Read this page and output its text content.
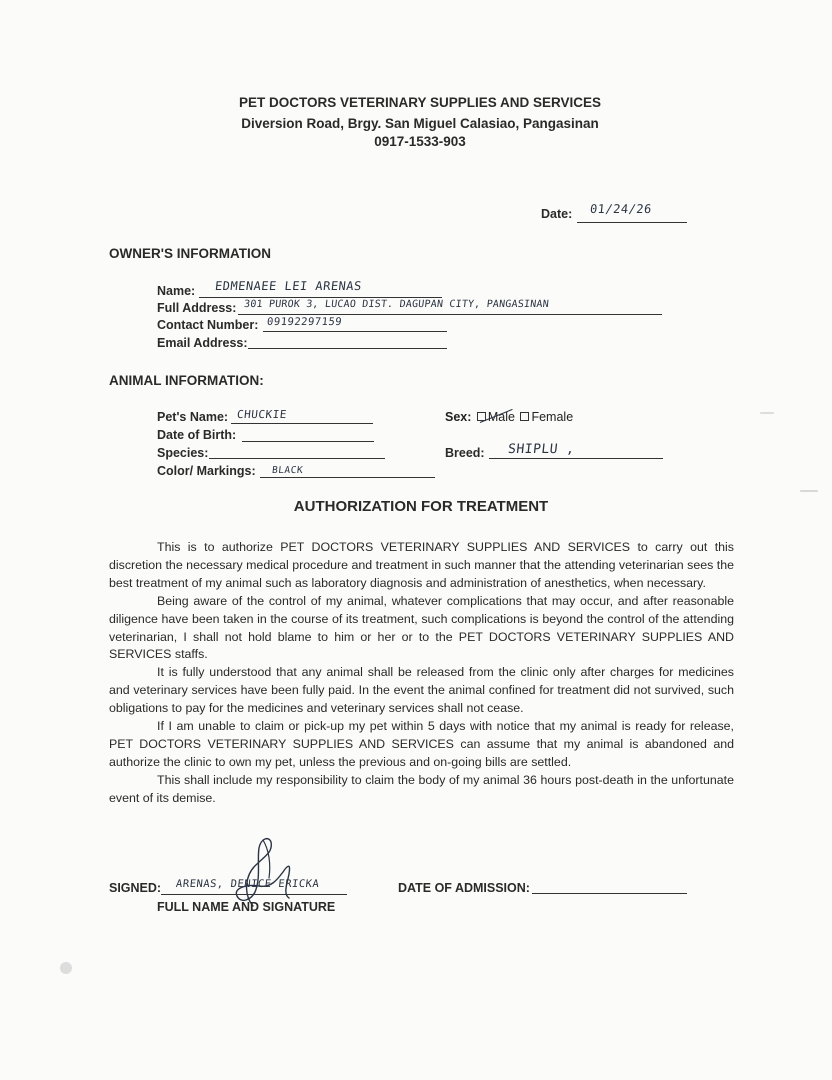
PET DOCTORS VETERINARY SUPPLIES AND SERVICES
Diversion Road, Brgy. San Miguel Calasiao, Pangasinan
0917-1533-903
Date: 01/24/26
OWNER'S INFORMATION
Name: EDMENAEE LEI ARENAS
Full Address: 301 PUROK 3, LUCAO DIST. DAGUPAN CITY, PANGASINAN
Contact Number: 09192297159
Email Address:
ANIMAL INFORMATION:
Pet's Name: CHUCKIE
Date of Birth:
Species:
Color/ Markings: BLACK
Sex: Male Female
Breed: SHIPLU ,
AUTHORIZATION FOR TREATMENT

This is to authorize PET DOCTORS VETERINARY SUPPLIES AND SERVICES to carry out this discretion the necessary medical procedure and treatment in such manner that the attending veterinarian sees the best treatment of my animal such as laboratory diagnosis and administration of anesthetics, when necessary.

Being aware of the control of my animal, whatever complications that may occur, and after reasonable diligence have been taken in the course of its treatment, such complications is beyond the control of the attending veterinarian, I shall not hold blame to him or her or to the PET DOCTORS VETERINARY SUPPLIES AND SERVICES staffs.

It is fully understood that any animal shall be released from the clinic only after charges for medicines and veterinary services have been fully paid. In the event the animal confined for treatment did not survived, such obligations to pay for the medicines and veterinary services shall not cease.

If I am unable to claim or pick-up my pet within 5 days with notice that my animal is ready for release, PET DOCTORS VETERINARY SUPPLIES AND SERVICES can assume that my animal is abandoned and authorize the clinic to own my pet, unless the previous and on-going bills are settled.

This shall include my responsibility to claim the body of my animal 36 hours post-death in the unfortunate event of its demise.

SIGNED: ARENAS, DENICE ERICKA
FULL NAME AND SIGNATURE
DATE OF ADMISSION:
